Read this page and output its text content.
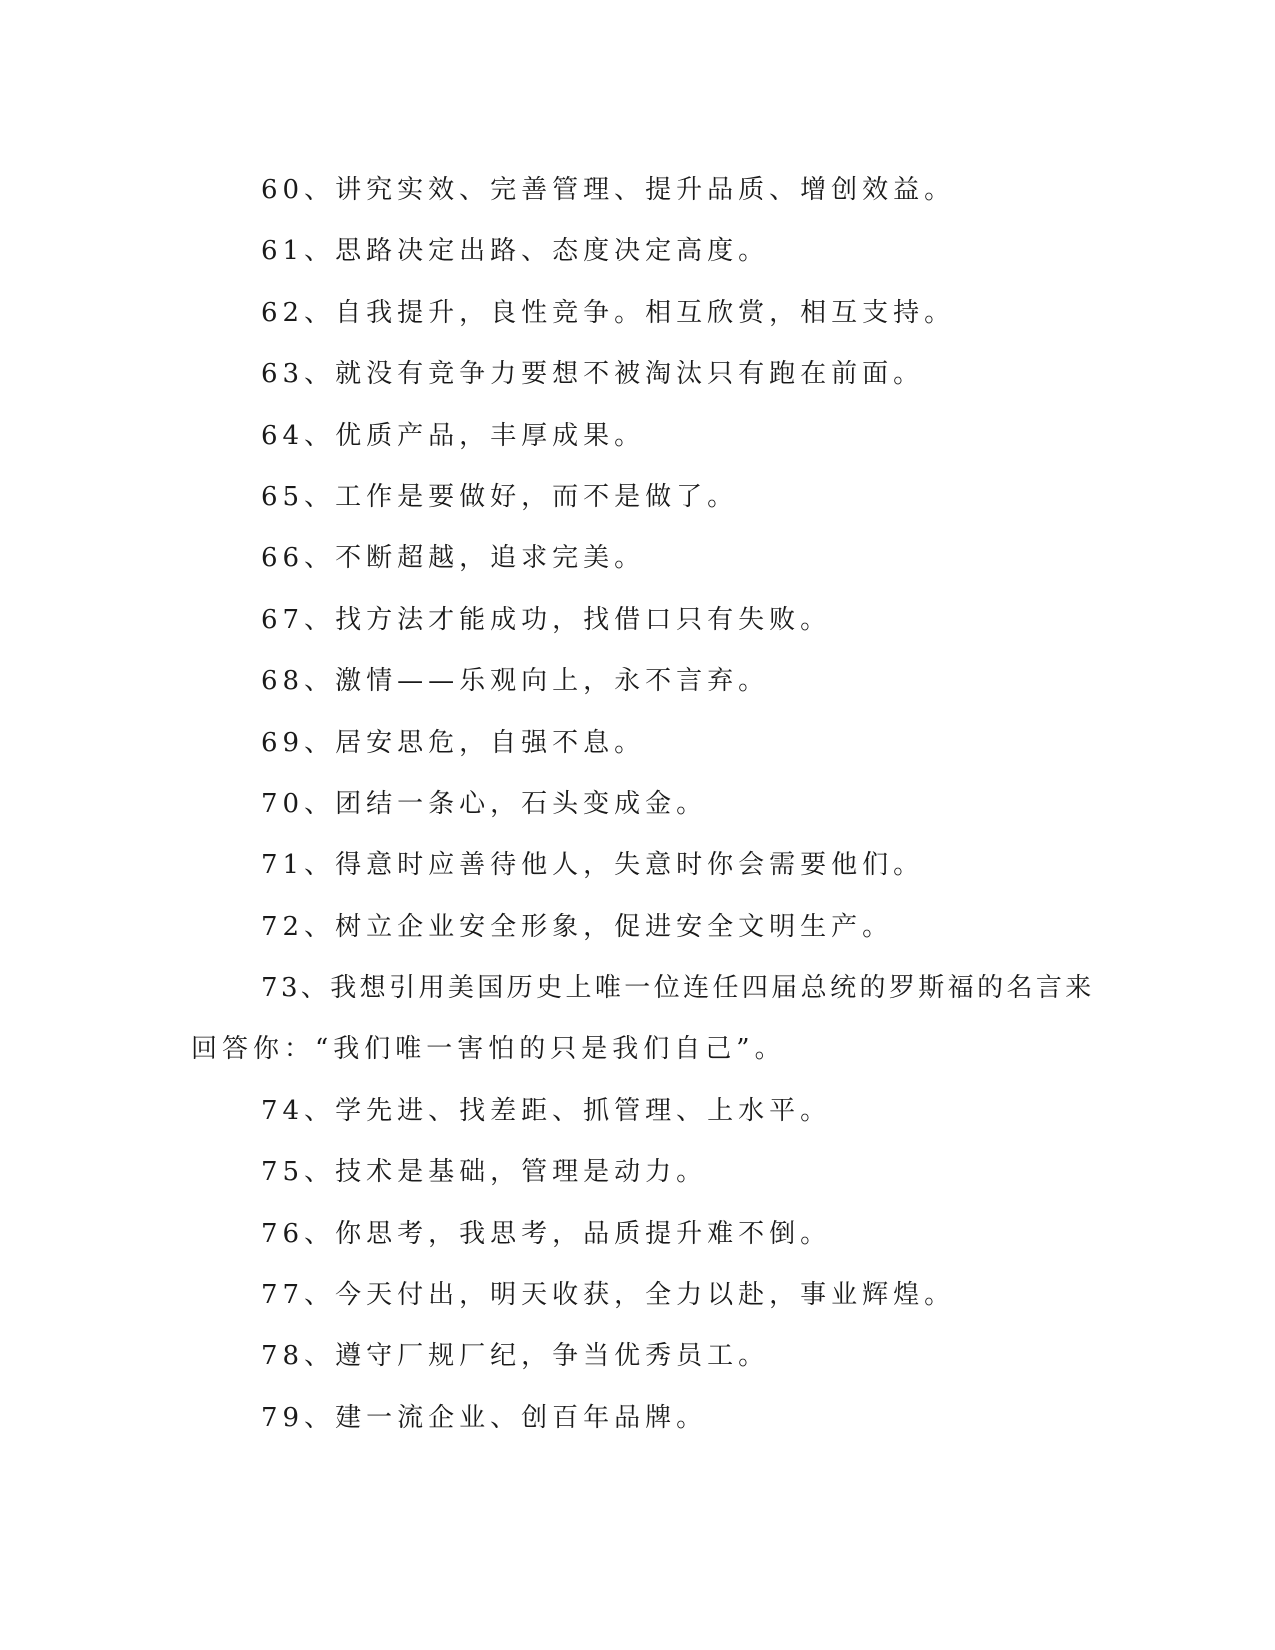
60、讲究实效、完善管理、提升品质、增创效益。
61、思路决定出路、态度决定高度。
62、自我提升，良性竞争。相互欣赏，相互支持。
63、就没有竞争力要想不被淘汰只有跑在前面。
64、优质产品，丰厚成果。
65、工作是要做好，而不是做了。
66、不断超越，追求完美。
67、找方法才能成功，找借口只有失败。
68、激情——乐观向上，永不言弃。
69、居安思危，自强不息。
70、团结一条心，石头变成金。
71、得意时应善待他人，失意时你会需要他们。
72、树立企业安全形象，促进安全文明生产。
73、我想引用美国历史上唯一位连任四届总统的罗斯福的名言来
回答你：“我们唯一害怕的只是我们自己”。
74、学先进、找差距、抓管理、上水平。
75、技术是基础，管理是动力。
76、你思考，我思考，品质提升难不倒。
77、今天付出，明天收获，全力以赴，事业辉煌。
78、遵守厂规厂纪，争当优秀员工。
79、建一流企业、创百年品牌。
